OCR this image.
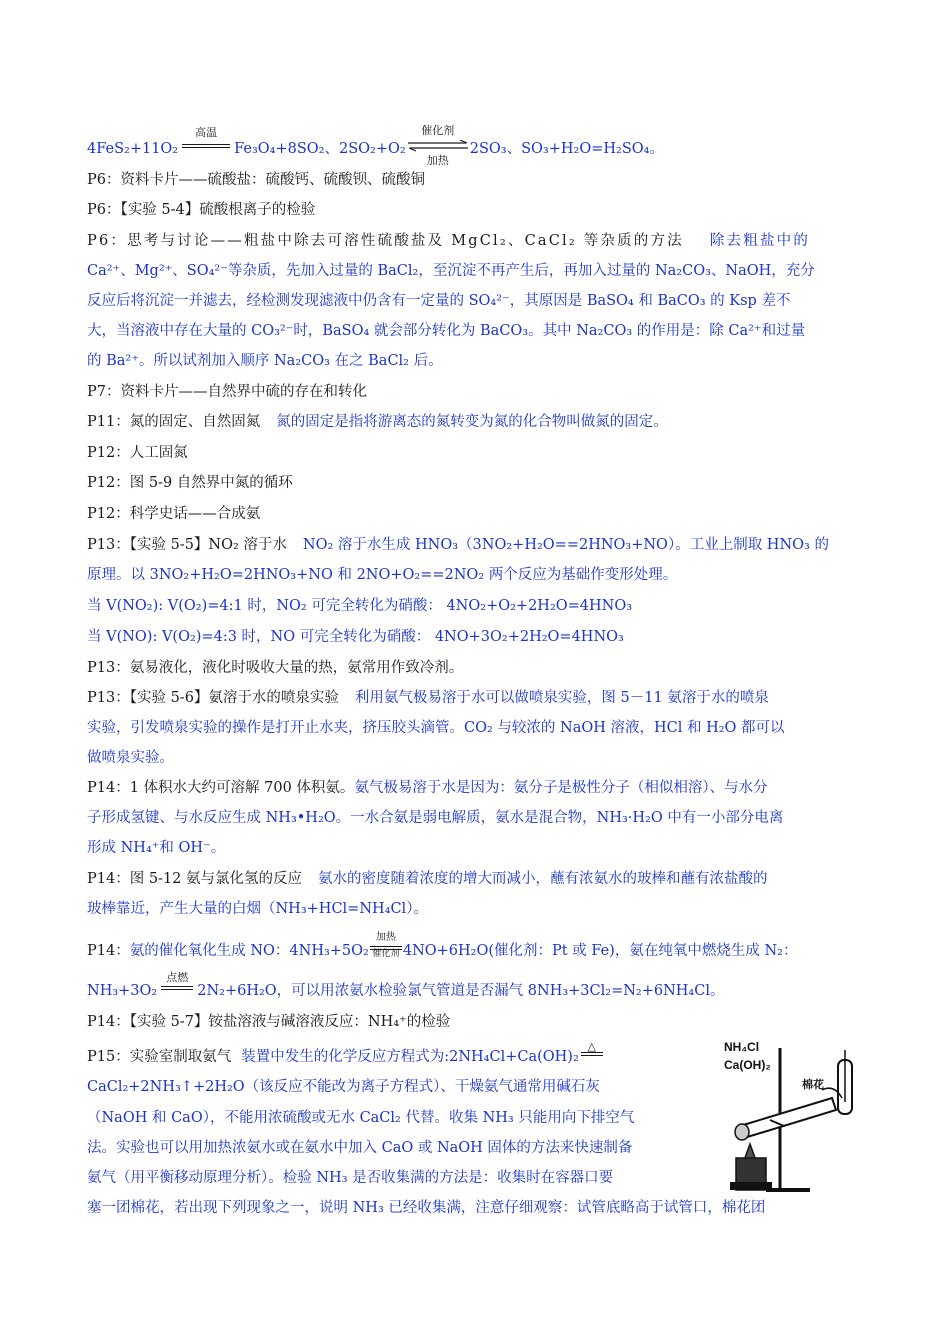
4FeS₂+11O₂
高温
Fe₃O₄+8SO₂、2SO₂+O₂
催化剂
加热
2SO₃、SO₃+H₂O=H₂SO₄。
P6：资料卡片——硫酸盐：硫酸钙、硫酸钡、硫酸铜
P6：【实验 5-4】硫酸根离子的检验
P6：思考与讨论——粗盐中除去可溶性硫酸盐及 MgCl₂、CaCl₂ 等杂质的方法 除去粗盐中的
Ca²⁺、Mg²⁺、SO₄²⁻等杂质，先加入过量的 BaCl₂，至沉淀不再产生后，再加入过量的 Na₂CO₃、NaOH，充分
反应后将沉淀一并滤去，经检测发现滤液中仍含有一定量的 SO₄²⁻，其原因是 BaSO₄ 和 BaCO₃ 的 Ksp 差不
大，当溶液中存在大量的 CO₃²⁻时，BaSO₄ 就会部分转化为 BaCO₃。其中 Na₂CO₃ 的作用是：除 Ca²⁺和过量
的 Ba²⁺。所以试剂加入顺序 Na₂CO₃ 在之 BaCl₂ 后。
P7：资料卡片——自然界中硫的存在和转化
P11：氮的固定、自然固氮 氮的固定是指将游离态的氮转变为氮的化合物叫做氮的固定。
P12：人工固氮
P12：图 5-9 自然界中氮的循环
P12：科学史话——合成氨
P13：【实验 5-5】NO₂ 溶于水 NO₂ 溶于水生成 HNO₃（3NO₂+H₂O==2HNO₃+NO）。工业上制取 HNO₃ 的
原理。以 3NO₂+H₂O=2HNO₃+NO 和 2NO+O₂==2NO₂ 两个反应为基础作变形处理。
当 V(NO₂): V(O₂)=4:1 时，NO₂ 可完全转化为硝酸： 4NO₂+O₂+2H₂O=4HNO₃
当 V(NO): V(O₂)=4:3 时，NO 可完全转化为硝酸： 4NO+3O₂+2H₂O=4HNO₃
P13：氨易液化，液化时吸收大量的热，氨常用作致冷剂。
P13：【实验 5-6】氨溶于水的喷泉实验 利用氨气极易溶于水可以做喷泉实验，图 5－11 氨溶于水的喷泉
实验，引发喷泉实验的操作是打开止水夹，挤压胶头滴管。CO₂ 与较浓的 NaOH 溶液，HCl 和 H₂O 都可以
做喷泉实验。
P14：1 体积水大约可溶解 700 体积氨。氨气极易溶于水是因为：氨分子是极性分子（相似相溶）、与水分
子形成氢键、与水反应生成 NH₃•H₂O。一水合氨是弱电解质，氨水是混合物，NH₃·H₂O 中有一小部分电离
形成 NH₄⁺和 OH⁻。
P14：图 5-12 氨与氯化氢的反应 氨水的密度随着浓度的增大而减小，蘸有浓氨水的玻棒和蘸有浓盐酸的
玻棒靠近，产生大量的白烟（NH₃+HCl=NH₄Cl）。
P14：氨的催化氧化生成 NO：4NH₃+5O₂
加热
催化剂 4NO+6H₂O(催化剂：Pt 或 Fe)，氨在纯氧中燃烧生成 N₂：
NH₃+3O₂
点燃
2N₂+6H₂O，可以用浓氨水检验氯气管道是否漏气 8NH₃+3Cl₂=N₂+6NH₄Cl。
P14：【实验 5-7】铵盐溶液与碱溶液反应：NH₄⁺的检验
P15：实验室制取氨气 装置中发生的化学反应方程式为:2NH₄Cl+Ca(OH)₂
△
CaCl₂+2NH₃↑+2H₂O（该反应不能改为离子方程式）、干燥氨气通常用碱石灰
（NaOH 和 CaO），不能用浓硫酸或无水 CaCl₂ 代替。收集 NH₃ 只能用向下排空气
法。实验也可以用加热浓氨水或在氨水中加入 CaO 或 NaOH 固体的方法来快速制备
氨气（用平衡移动原理分析）。检验 NH₃ 是否收集满的方法是：收集时在容器口要
塞一团棉花，若出现下列现象之一，说明 NH₃ 已经收集满，注意仔细观察：试管底略高于试管口，棉花团
NH₄Cl
Ca(OH)₂
棉花
